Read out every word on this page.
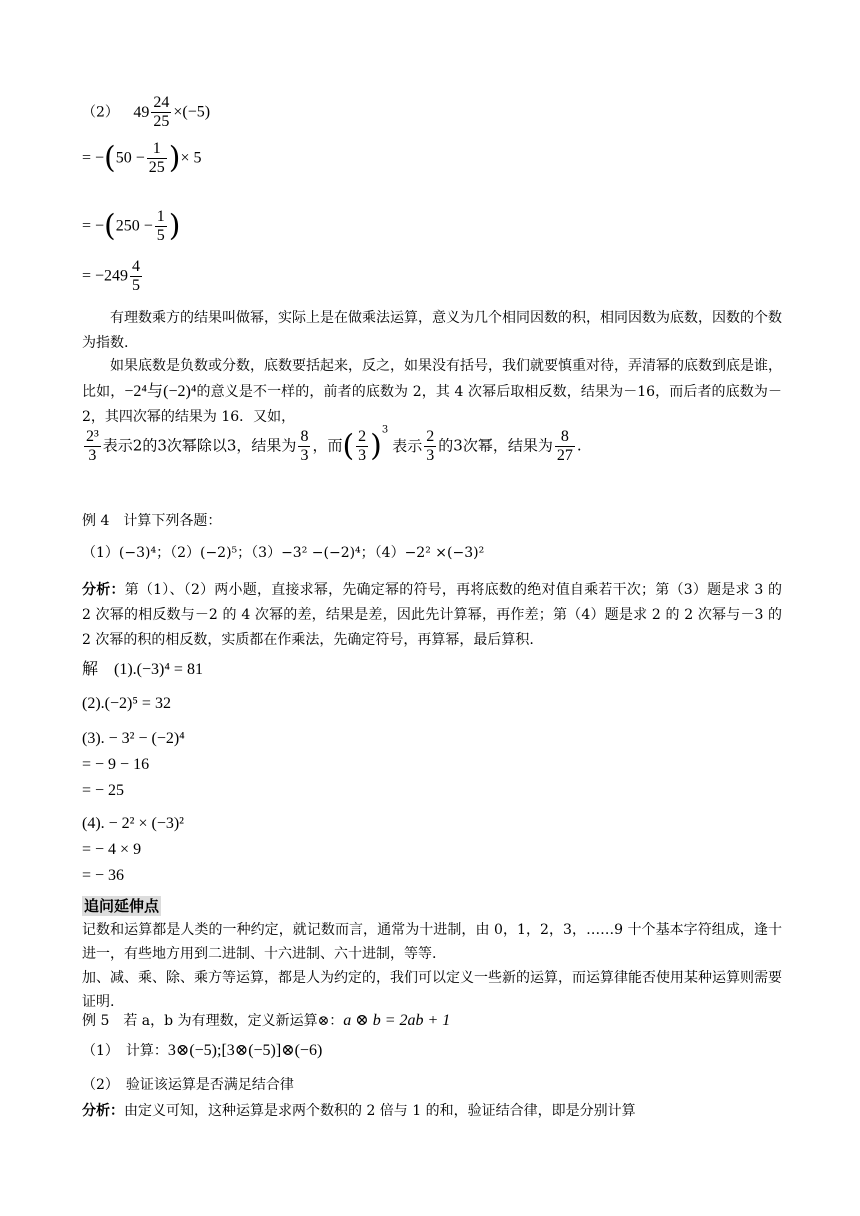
（2） $49 \frac{24}{25} \times(-5)$
= $-(50 - \frac{1}{25}$ )× 5
= $-(250 - \frac{1}{5}$ )
= $-249 \frac{4}{5}$
有理数乘方的结果叫做幂，实际上是在做乘法运算，意义为几个相同因数的积，相同因数为底数，因数的个数为指数.
如果底数是负数或分数，底数要括起来，反之，如果没有括号，我们就要慎重对待，弄清幂的底数到底是谁，比如，−2⁴与(−2)⁴的意义是不一样的，前者的底数为 2，其 4 次幂后取相反数，结果为－16，而后者的底数为－2，其四次幂的结果为 16．又如，
$\frac{\text{2³}}{3}$ 表示2的3次幂除以3，结果为 $\frac{8}{3}$ ，而( $\frac{2}{3} )^3$表示 $\frac{2}{3}$ 的3次幂，结果为 $\frac{8}{27}$ .
例 4　计算下列各题：
（1）(−3)⁴；（2）(−2)⁵；（3）−3² −(−2)⁴；（4）−2² ×(−3)²
分析：第（1）、（2）两小题，直接求幂，先确定幂的符号，再将底数的绝对值自乘若干次；第（3）题是求 3 的 2 次幂的相反数与－2 的 4 次幂的差，结果是差，因此先计算幂，再作差；第（4）题是求 2 的 2 次幂与－3 的 2 次幂的积的相反数，实质都在作乘法，先确定符号，再算幂，最后算积.
解　(1).(−3)⁴ = 81
(2).(−2)⁵ = 32
(3). − 3² − (−2)⁴
= − 9 − 16
= − 25
(4). − 2² × (−3)²
= − 4 × 9
= − 36
追问延伸点
记数和运算都是人类的一种约定，就记数而言，通常为十进制，由 0，1，2，3，……9 十个基本字符组成，逢十进一，有些地方用到二进制、十六进制、六十进制，等等.
加、减、乘、除、乘方等运算，都是人为约定的，我们可以定义一些新的运算，而运算律能否使用某种运算则需要证明.
例 5　若 a，b 为有理数，定义新运算⊗：a ⊗ b = 2ab + 1
（1）　计算：3⊗(−5);[3⊗(−5)]⊗(−6)
（2）　验证该运算是否满足结合律
分析：由定义可知，这种运算是求两个数积的 2 倍与 1 的和，验证结合律，即是分别计算
